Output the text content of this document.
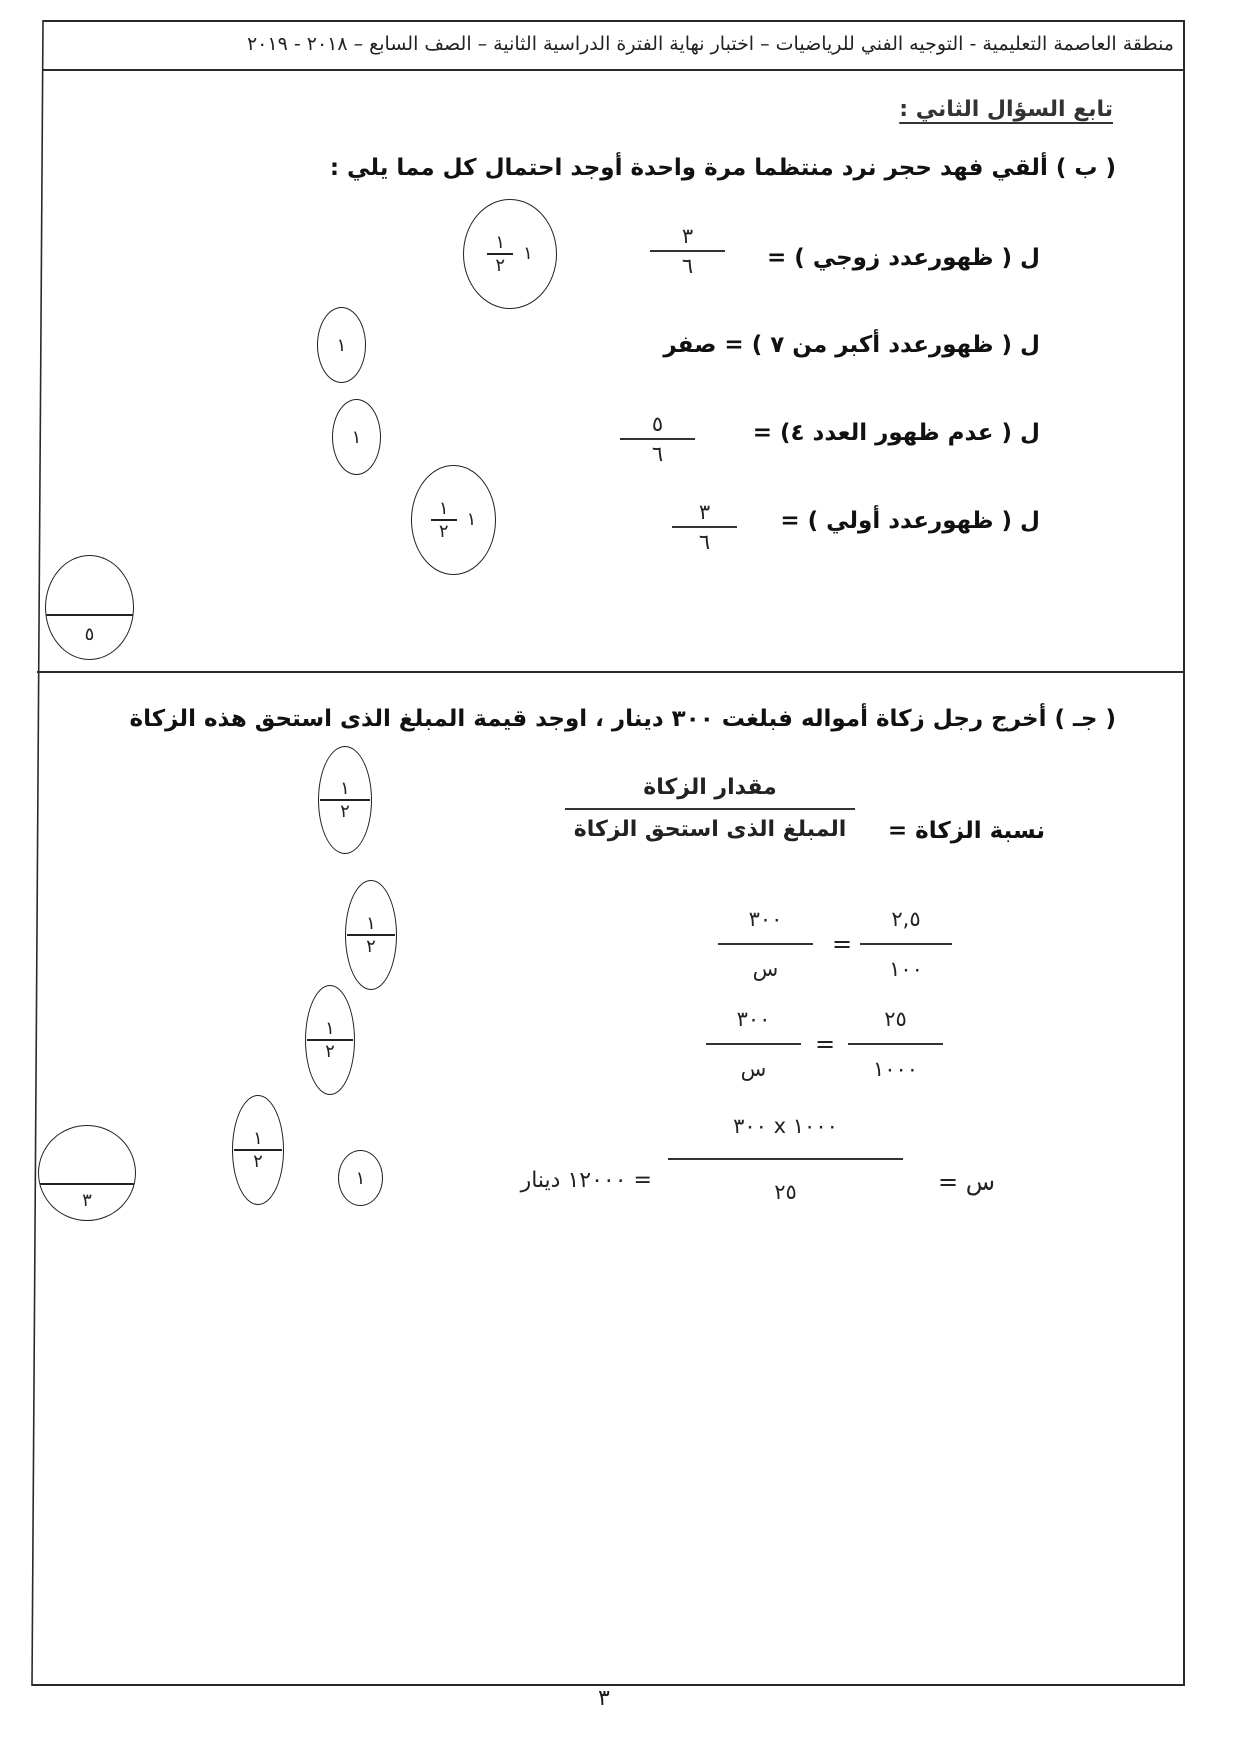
منطقة العاصمة التعليمية - التوجيه الفني للرياضيات – اختبار نهاية الفترة الدراسية الثانية – الصف السابع – ٢٠١٨ - ٢٠١٩
تابع السؤال الثاني :
( ب ) ألقي فهد حجر نرد منتظما مرة واحدة أوجد احتمال كل مما يلي :
ل ( ظهورعدد زوجي ) =
٣
٦
١
٢
١
ل ( ظهورعدد أكبر من ٧ ) = صفر
١
ل ( عدم ظهور العدد ٤) =
٥
٦
١
ل ( ظهورعدد أولي ) =
٣
٦
١
٢
١
٥
( جـ ) أخرج رجل زكاة أمواله فبلغت ٣٠٠ دينار ، اوجد قيمة المبلغ الذى استحق هذه الزكاة
نسبة الزكاة =
مقدار الزكاة
المبلغ الذى استحق الزكاة
١
٢
٢,٥
١٠٠
=
٣٠٠
س
١
٢
٢٥
١٠٠٠
=
٣٠٠
س
١
٢
س =
١٠٠٠ x ٣٠٠
٢٥
= ١٢٠٠٠ دينار
١
٢
١
٣
٣
